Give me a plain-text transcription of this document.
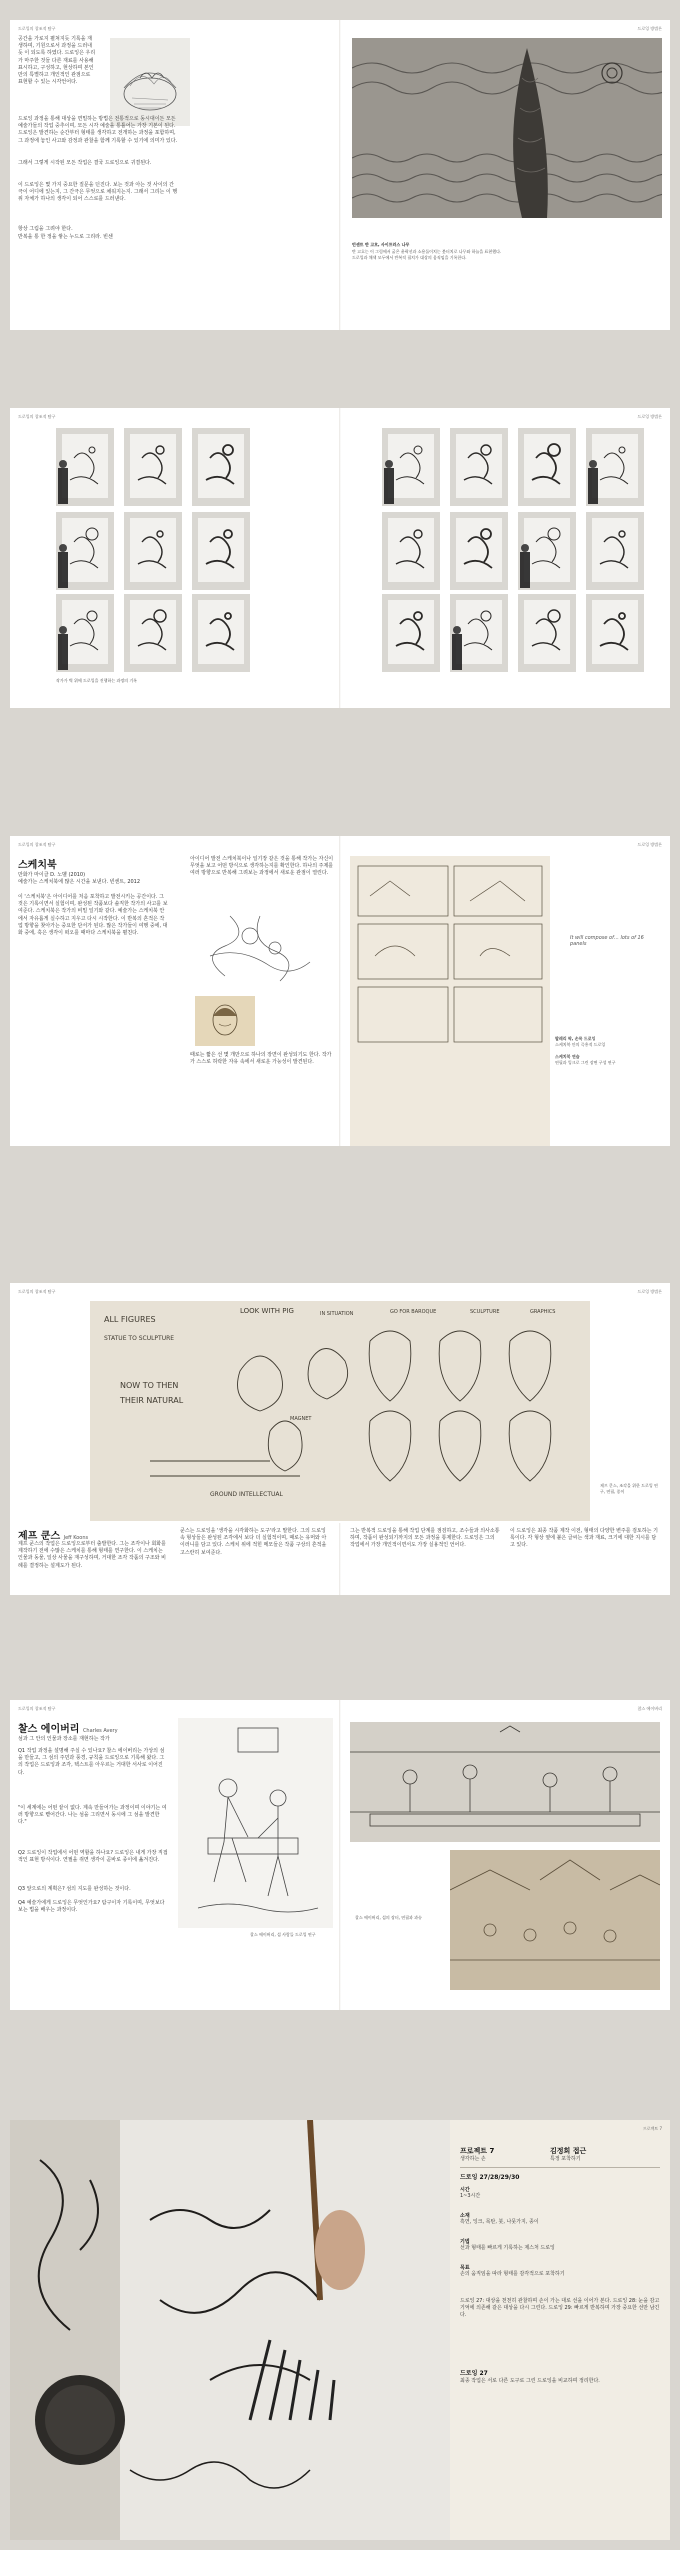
드로잉의 창조적 탐구	드로잉 방법론
공간을 가로지 펼쳐지듯 기록을 재생하며, 기원으로서 과정을 드러내듯 이 되도록 하였다. 드로잉은 우리가 마주한 것들 다른 재료를 사용해 표시하고, 구성하고, 현상하며 본인만의 특별하고 개인적인 관점으로 표현할 수 있는 시각언어다.
드로잉 과정을 통해 대상을 면밀하는 방법은 전통적으로 동시대이든 모든 예술가들의 작업 중추이며, 모든 시각 예술을 통틀어는 가장 기본이 된다. 드로잉은 발견하는 순간부터 형태를 생각하고 전개하는 과정을 포함하며, 그 과정에 놓인 사고와 감정과 관찰을 함께 기록할 수 있기에 의미가 있다.
그래서 그렇게 시작된 모든 작업은 결국 드로잉으로 귀결된다.
이 드로잉은 몇 가지 중요한 질문을 던진다. 보는 것과 아는 것 사이의 간극이 어디에 있는지, 그 간극은 무엇으로 채워지는지. 그래서 그리는 이 행위 자체가 하나의 생각이 되어 스스로를 드러낸다.
항상 그림을 그려야 한다.
반복을 통 한 정을 쌓는 누드로 그리라. 빈센
빈센트 반 고흐, 사이프러스 나무
반 고흐는 이 그림에서 굵은 윤곽선과 소용돌이치는 붓터치로 나무와 하늘을 표현했다. 드로잉과 채색 모두에서 반복적 필치가 대상의 움직임을 기록한다.
드로잉의 창조적 탐구	드로잉 방법론
작가가 벽 위에 드로잉을 진행하는 과정의 기록
드로잉의 창조적 탐구	드로잉 방법론
스케치북
만화가 마이클 D. 노벨 (2010)
예술가는 스케치북에 많은 시간을 보낸다. 빈센트, 2012
이 '스케치북'은 아이디어를 처음 포착하고 발전시키는 공간이다. 그것은 기록이면서 실험이며, 완성된 작품보다 솔직한 작가의 사고를 보여준다. 스케치북은 작가의 비밀 일기와 같다. 예술가는 스케치북 안에서 자유롭게 실수하고 지우고 다시 시작한다. 이 반복의 흔적은 작업 방향을 찾아가는 중요한 단서가 된다. 많은 작가들이 여행 중에, 대화 중에, 혹은 생각이 떠오를 때마다 스케치북을 펼친다.
아이디어 발전 스케치북이나 일기장 같은 것을 통해 작가는 자신이 무엇을 보고 어떤 방식으로 생각하는지를 확인한다. 하나의 주제를 여러 방향으로 반복해 그려보는 과정에서 새로운 관점이 열린다.
때로는 짧은 선 몇 개만으로 하나의 장면이 완성되기도 한다. 작가가 스스로 허락한 자유 속에서 새로운 가능성이 발견된다.
It will compose of… lots of 16 panels
발레리 팍, 손목 드로잉
스케치북 안의 즉흥적 드로잉
스케치북 연습
연필과 잉크로 그린 장면 구성 연구
드로잉의 창조적 탐구	드로잉 방법론
ALL FIGURES
LOOK WITH PIG	IN SITUATION	GO FOR BAROQUE
STATUE TO SCULPTURE
SCULPTURE	GRAPHICS
NOW TO THEN
THEIR NATURAL
GROUND INTELLECTUAL
MAGNET
제프 쿤스, 조각을 위한 드로잉 연구, 연필, 종이
제프 쿤스 Jeff Koons
제프 쿤스의 작업은 드로잉으로부터 출발한다. 그는 조각이나 회화를 제작하기 전에 수많은 스케치를 통해 형태를 연구한다. 이 스케치는 인물과 동물, 일상 사물을 재구성하며, 거대한 조각 작품의 구조와 비례를 결정하는 설계도가 된다.
쿤스는 드로잉을 '생각을 시각화하는 도구'라고 말한다. 그의 드로잉 속 형상들은 완성된 조각에서 보다 더 실험적이며, 때로는 유머와 아이러니를 담고 있다. 스케치 위에 적힌 메모들은 작품 구상의 흔적을 고스란히 보여준다.
그는 반복적 드로잉을 통해 작업 단계를 점검하고, 조수들과 의사소통하며, 작품이 완성되기까지의 모든 과정을 통제한다. 드로잉은 그의 작업에서 가장 개인적이면서도 가장 실용적인 언어다.
이 드로잉은 최종 작품 제작 이전, 형태의 다양한 변주를 검토하는 기록이다. 각 형상 옆에 붙은 글씨는 색과 재료, 크기에 대한 지시를 담고 있다.
드로잉의 창조적 탐구	참스 에이버리
찰스 에이버리 Charles Avery
섬과 그 안의 인물과 장소를 재현하는 작가
Q1 작업 과정을 설명해 주실 수 있나요? 찰스 에이버리는 가상의 섬을 만들고, 그 섬의 주민과 풍경, 규칙을 드로잉으로 기록해 왔다. 그의 작업은 드로잉과 조각, 텍스트를 아우르는 거대한 서사로 이어진다.
"이 세계에는 어떤 끝이 없다. 계속 만들어가는 과정이며 이야기는 여러 방향으로 뻗어간다. 나는 섬을 그리면서 동시에 그 섬을 발견한다."
Q2 드로잉이 작업에서 어떤 역할을 하나요? 드로잉은 내게 가장 직접적인 표현 방식이다. 연필을 쥐면 생각이 곧바로 종이에 옮겨진다.
Q3 앞으로의 계획은? 섬의 지도를 완성하는 것이다.
Q4 예술가에게 드로잉은 무엇인가요? 탐구이자 기록이며, 무엇보다 보는 법을 배우는 과정이다.
찰스 에이버리, 섬 사람들 드로잉 연구
찰스 에이버리, 섬의 장터, 연필과 과슈
프로젝트 7
프로젝트 7
생각하는 손
김정희 접근
특정 포착하기
드로잉 27/28/29/30
드로잉 27: 대상을 천천히 관찰하며 손이 가는 대로 선을 이어가 본다. 드로잉 28: 눈을 감고 기억에 의존해 같은 대상을 다시 그린다. 드로잉 29: 빠르게 반복하며 가장 중요한 선만 남긴다.
드로잉 27
최종 작업은 서로 다른 도구로 그린 드로잉을 비교하며 정리한다.
시간
1~3시간
소재
흑연, 잉크, 목탄, 붓, 나뭇가지, 종이
기법
선과 형태를 빠르게 기록하는 제스처 드로잉
목표
손의 움직임을 따라 형태를 감각적으로 포착하기
